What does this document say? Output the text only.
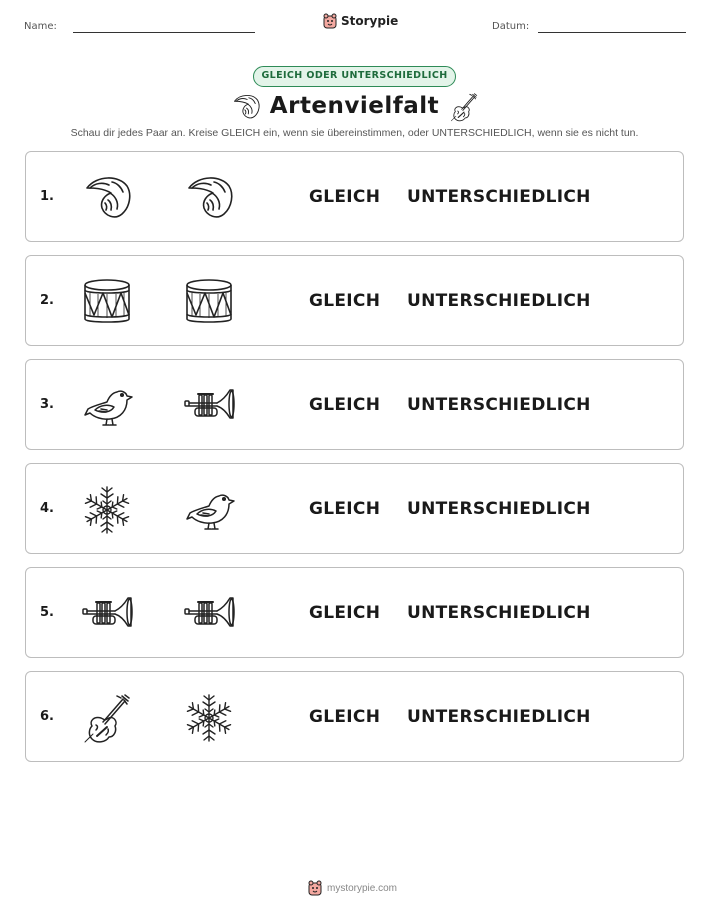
Name:	Storypie	Datum:
GLEICH ODER UNTERSCHIEDLICH
Artenvielfalt
Schau dir jedes Paar an. Kreise GLEICH ein, wenn sie übereinstimmen, oder UNTERSCHIEDLICH, wenn sie es nicht tun.
1.	GLEICH UNTERSCHIEDLICH
2.	GLEICH UNTERSCHIEDLICH
3.	GLEICH UNTERSCHIEDLICH
4.	GLEICH UNTERSCHIEDLICH
5.	GLEICH UNTERSCHIEDLICH
6.	GLEICH UNTERSCHIEDLICH
mystorypie.com
